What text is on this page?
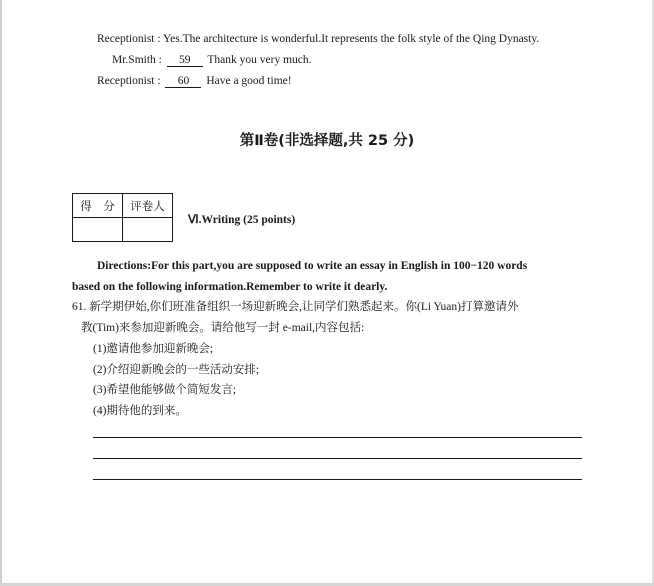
Receptionist : Yes.The architecture is wonderful.It represents the folk style of the Qing Dynasty.
Mr.Smith : 59 Thank you very much.
Receptionist : 60 Have a good time!
第Ⅱ卷(非选择题,共 25 分)
得　分	评卷人

Ⅵ.Writing (25 points)
Directions:For this part,you are supposed to write an essay in English in 100−120 words
based on the following information.Remember to write it dearly.
61. 新学期伊始,你们班准备组织一场迎新晚会,让同学们熟悉起来。你(Li Yuan)打算邀请外
教(Tim)来参加迎新晚会。请给他写一封 e-mail,内容包括:
(1)邀请他参加迎新晚会;
(2)介绍迎新晚会的一些活动安排;
(3)希望他能够做个简短发言;
(4)期待他的到来。
